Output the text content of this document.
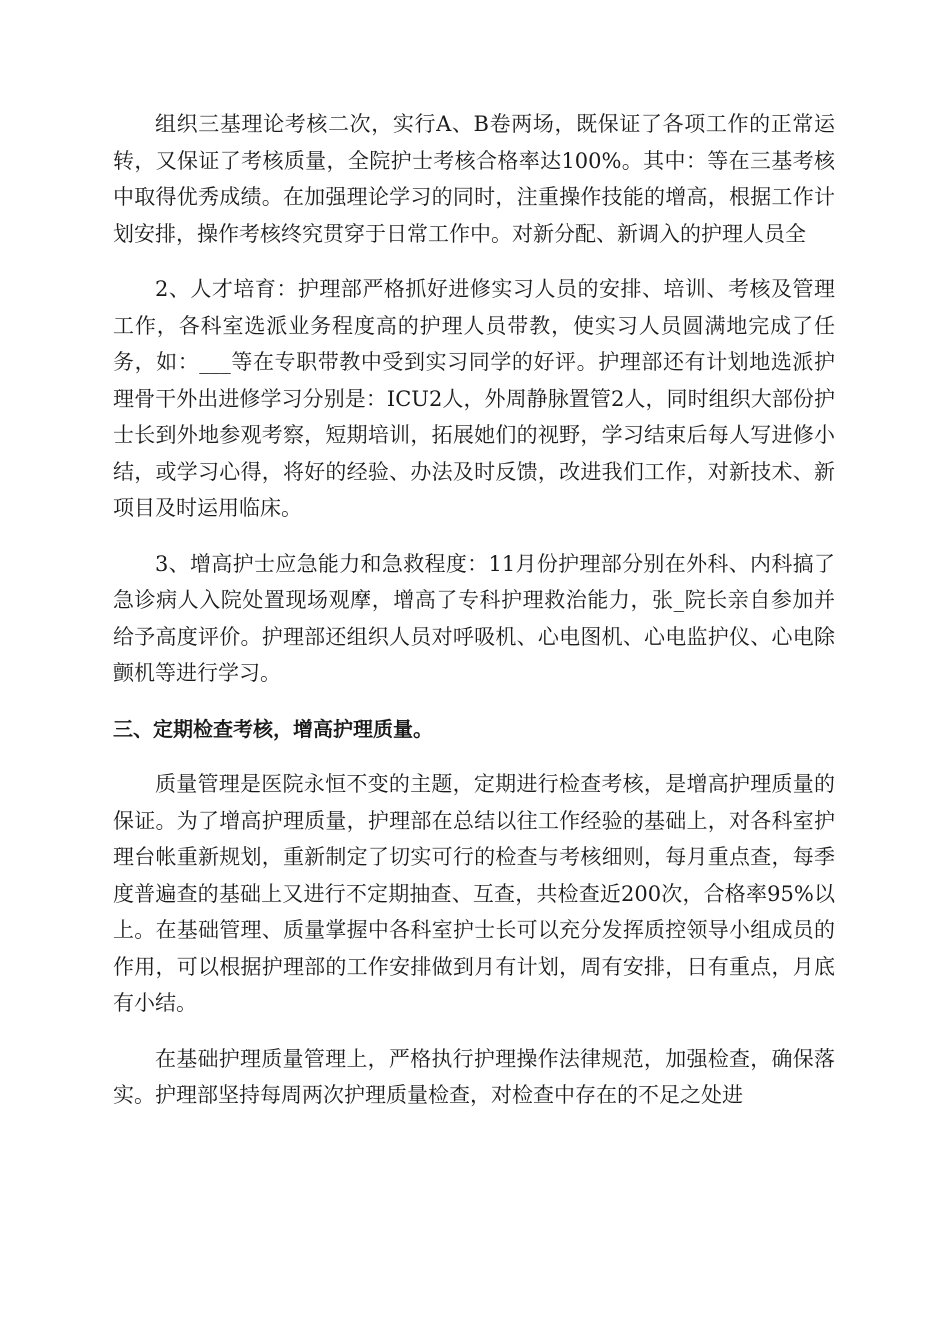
组织三基理论考核二次，实行A、B卷两场，既保证了各项工作的正常运转，又保证了考核质量，全院护士考核合格率达100%。其中：等在三基考核中取得优秀成绩。在加强理论学习的同时，注重操作技能的增高，根据工作计划安排，操作考核终究贯穿于日常工作中。对新分配、新调入的护理人员全

2、人才培育：护理部严格抓好进修实习人员的安排、培训、考核及管理工作，各科室选派业务程度高的护理人员带教，使实习人员圆满地完成了任务，如：___等在专职带教中受到实习同学的好评。护理部还有计划地选派护理骨干外出进修学习分别是：ICU2人，外周静脉置管2人，同时组织大部份护士长到外地参观考察，短期培训，拓展她们的视野，学习结束后每人写进修小结，或学习心得，将好的经验、办法及时反馈，改进我们工作，对新技术、新项目及时运用临床。

3、增高护士应急能力和急救程度：11月份护理部分别在外科、内科搞了急诊病人入院处置现场观摩，增高了专科护理救治能力，张_院长亲自参加并给予高度评价。护理部还组织人员对呼吸机、心电图机、心电监护仪、心电除颤机等进行学习。

三、定期检查考核，增高护理质量。

质量管理是医院永恒不变的主题，定期进行检查考核，是增高护理质量的保证。为了增高护理质量，护理部在总结以往工作经验的基础上，对各科室护理台帐重新规划，重新制定了切实可行的检查与考核细则，每月重点查，每季度普遍查的基础上又进行不定期抽查、互查，共检查近200次，合格率95%以上。在基础管理、质量掌握中各科室护士长可以充分发挥质控领导小组成员的作用，可以根据护理部的工作安排做到月有计划，周有安排，日有重点，月底有小结。

在基础护理质量管理上，严格执行护理操作法律规范，加强检查，确保落实。护理部坚持每周两次护理质量检查，对检查中存在的不足之处进
